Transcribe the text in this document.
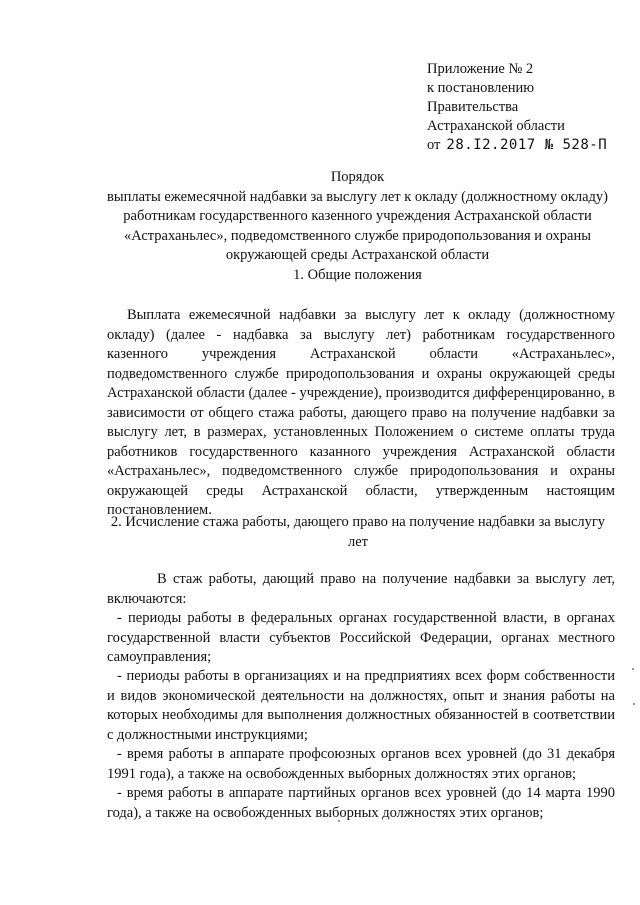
Приложение № 2
к постановлению
Правительства
Астраханской области
от 28.I2.2017 № 528-П
Порядок
выплаты ежемесячной надбавки за выслугу лет к окладу (должностному окладу) работникам государственного казенного учреждения Астраханской области «Астраханьлес», подведомственного службе природопользования и охраны окружающей среды Астраханской области
1. Общие положения

Выплата ежемесячной надбавки за выслугу лет к окладу (должностному окладу) (далее - надбавка за выслугу лет) работникам государственного казенного учреждения Астраханской области «Астраханьлес», подведомственного службе природопользования и охраны окружающей среды Астраханской области (далее - учреждение), производится дифференцированно, в зависимости от общего стажа работы, дающего право на получение надбавки за выслугу лет, в размерах, установленных Положением о системе оплаты труда работников государственного казанного учреждения Астраханской области «Астраханьлес», подведомственного службе природопользования и охраны окружающей среды Астраханской области, утвержденным настоящим постановлением.

2. Исчисление стажа работы, дающего право на получение надбавки за выслугу лет

В стаж работы, дающий право на получение надбавки за выслугу лет, включаются:

- периоды работы в федеральных органах государственной власти, в органах государственной власти субъектов Российской Федерации, органах местного самоуправления;

- периоды работы в организациях и на предприятиях всех форм собственности и видов экономической деятельности на должностях, опыт и знания работы на которых необходимы для выполнения должностных обязанностей в соответствии с должностными инструкциями;

- время работы в аппарате профсоюзных органов всех уровней (до 31 декабря 1991 года), а также на освобожденных выборных должностях этих органов;

- время работы в аппарате партийных органов всех уровней (до 14 марта 1990 года), а также на освобожденных выборных должностях этих органов;
